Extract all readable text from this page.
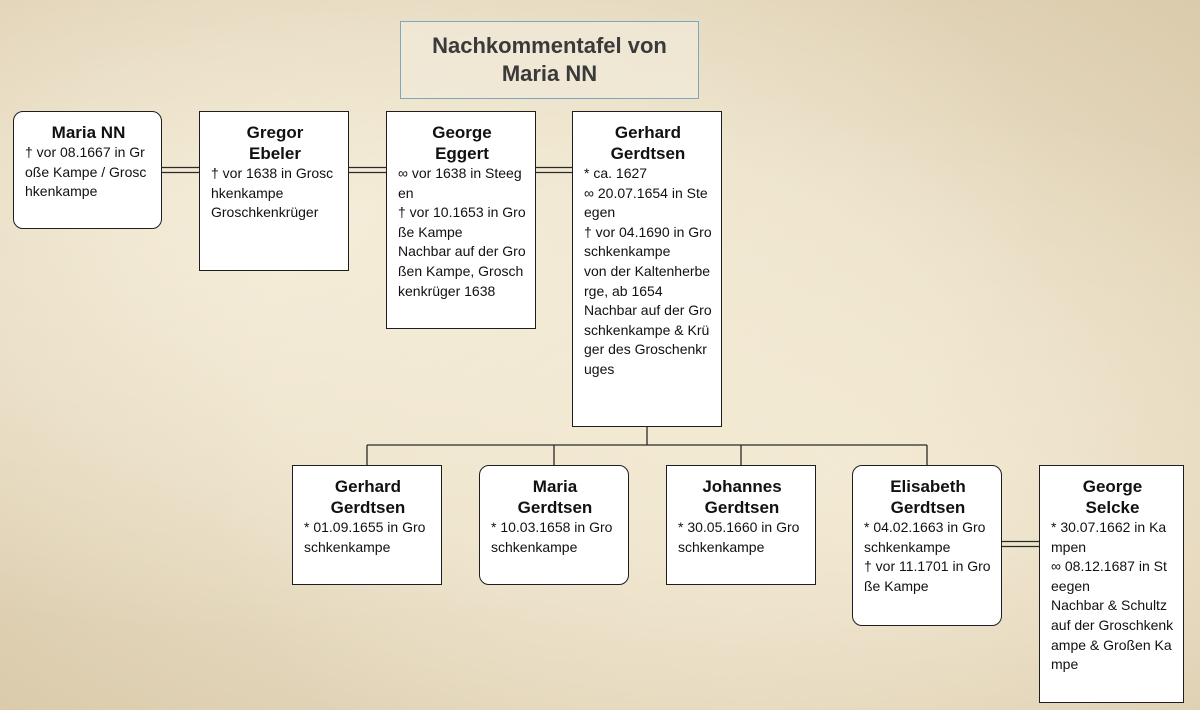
Nachkommentafel von
Maria NN
Maria NN
† vor 08.1667 in Große Kampe / Groschkenkampe
Gregor
Ebeler
† vor 1638 in Groschkenkampe
Groschkenkrüger
George
Eggert
∞ vor 1638 in Steegen
† vor 10.1653 in Große Kampe
Nachbar auf der Großen Kampe, Groschkenkrüger 1638
Gerhard
Gerdtsen
* ca. 1627
∞ 20.07.1654 in Steegen
† vor 04.1690 in Groschkenkampe
von der Kaltenherberge, ab 1654
Nachbar auf der Groschkenkampe & Krüger des Groschenkruges
Gerhard
Gerdtsen
* 01.09.1655 in Groschkenkampe
Maria
Gerdtsen
* 10.03.1658 in Groschkenkampe
Johannes
Gerdtsen
* 30.05.1660 in Groschkenkampe
Elisabeth
Gerdtsen
* 04.02.1663 in Groschkenkampe
† vor 11.1701 in Große Kampe
George
Selcke
* 30.07.1662 in Kampen
∞ 08.12.1687 in Steegen
Nachbar & Schultz auf der Groschkenkampe & Großen Kampe
